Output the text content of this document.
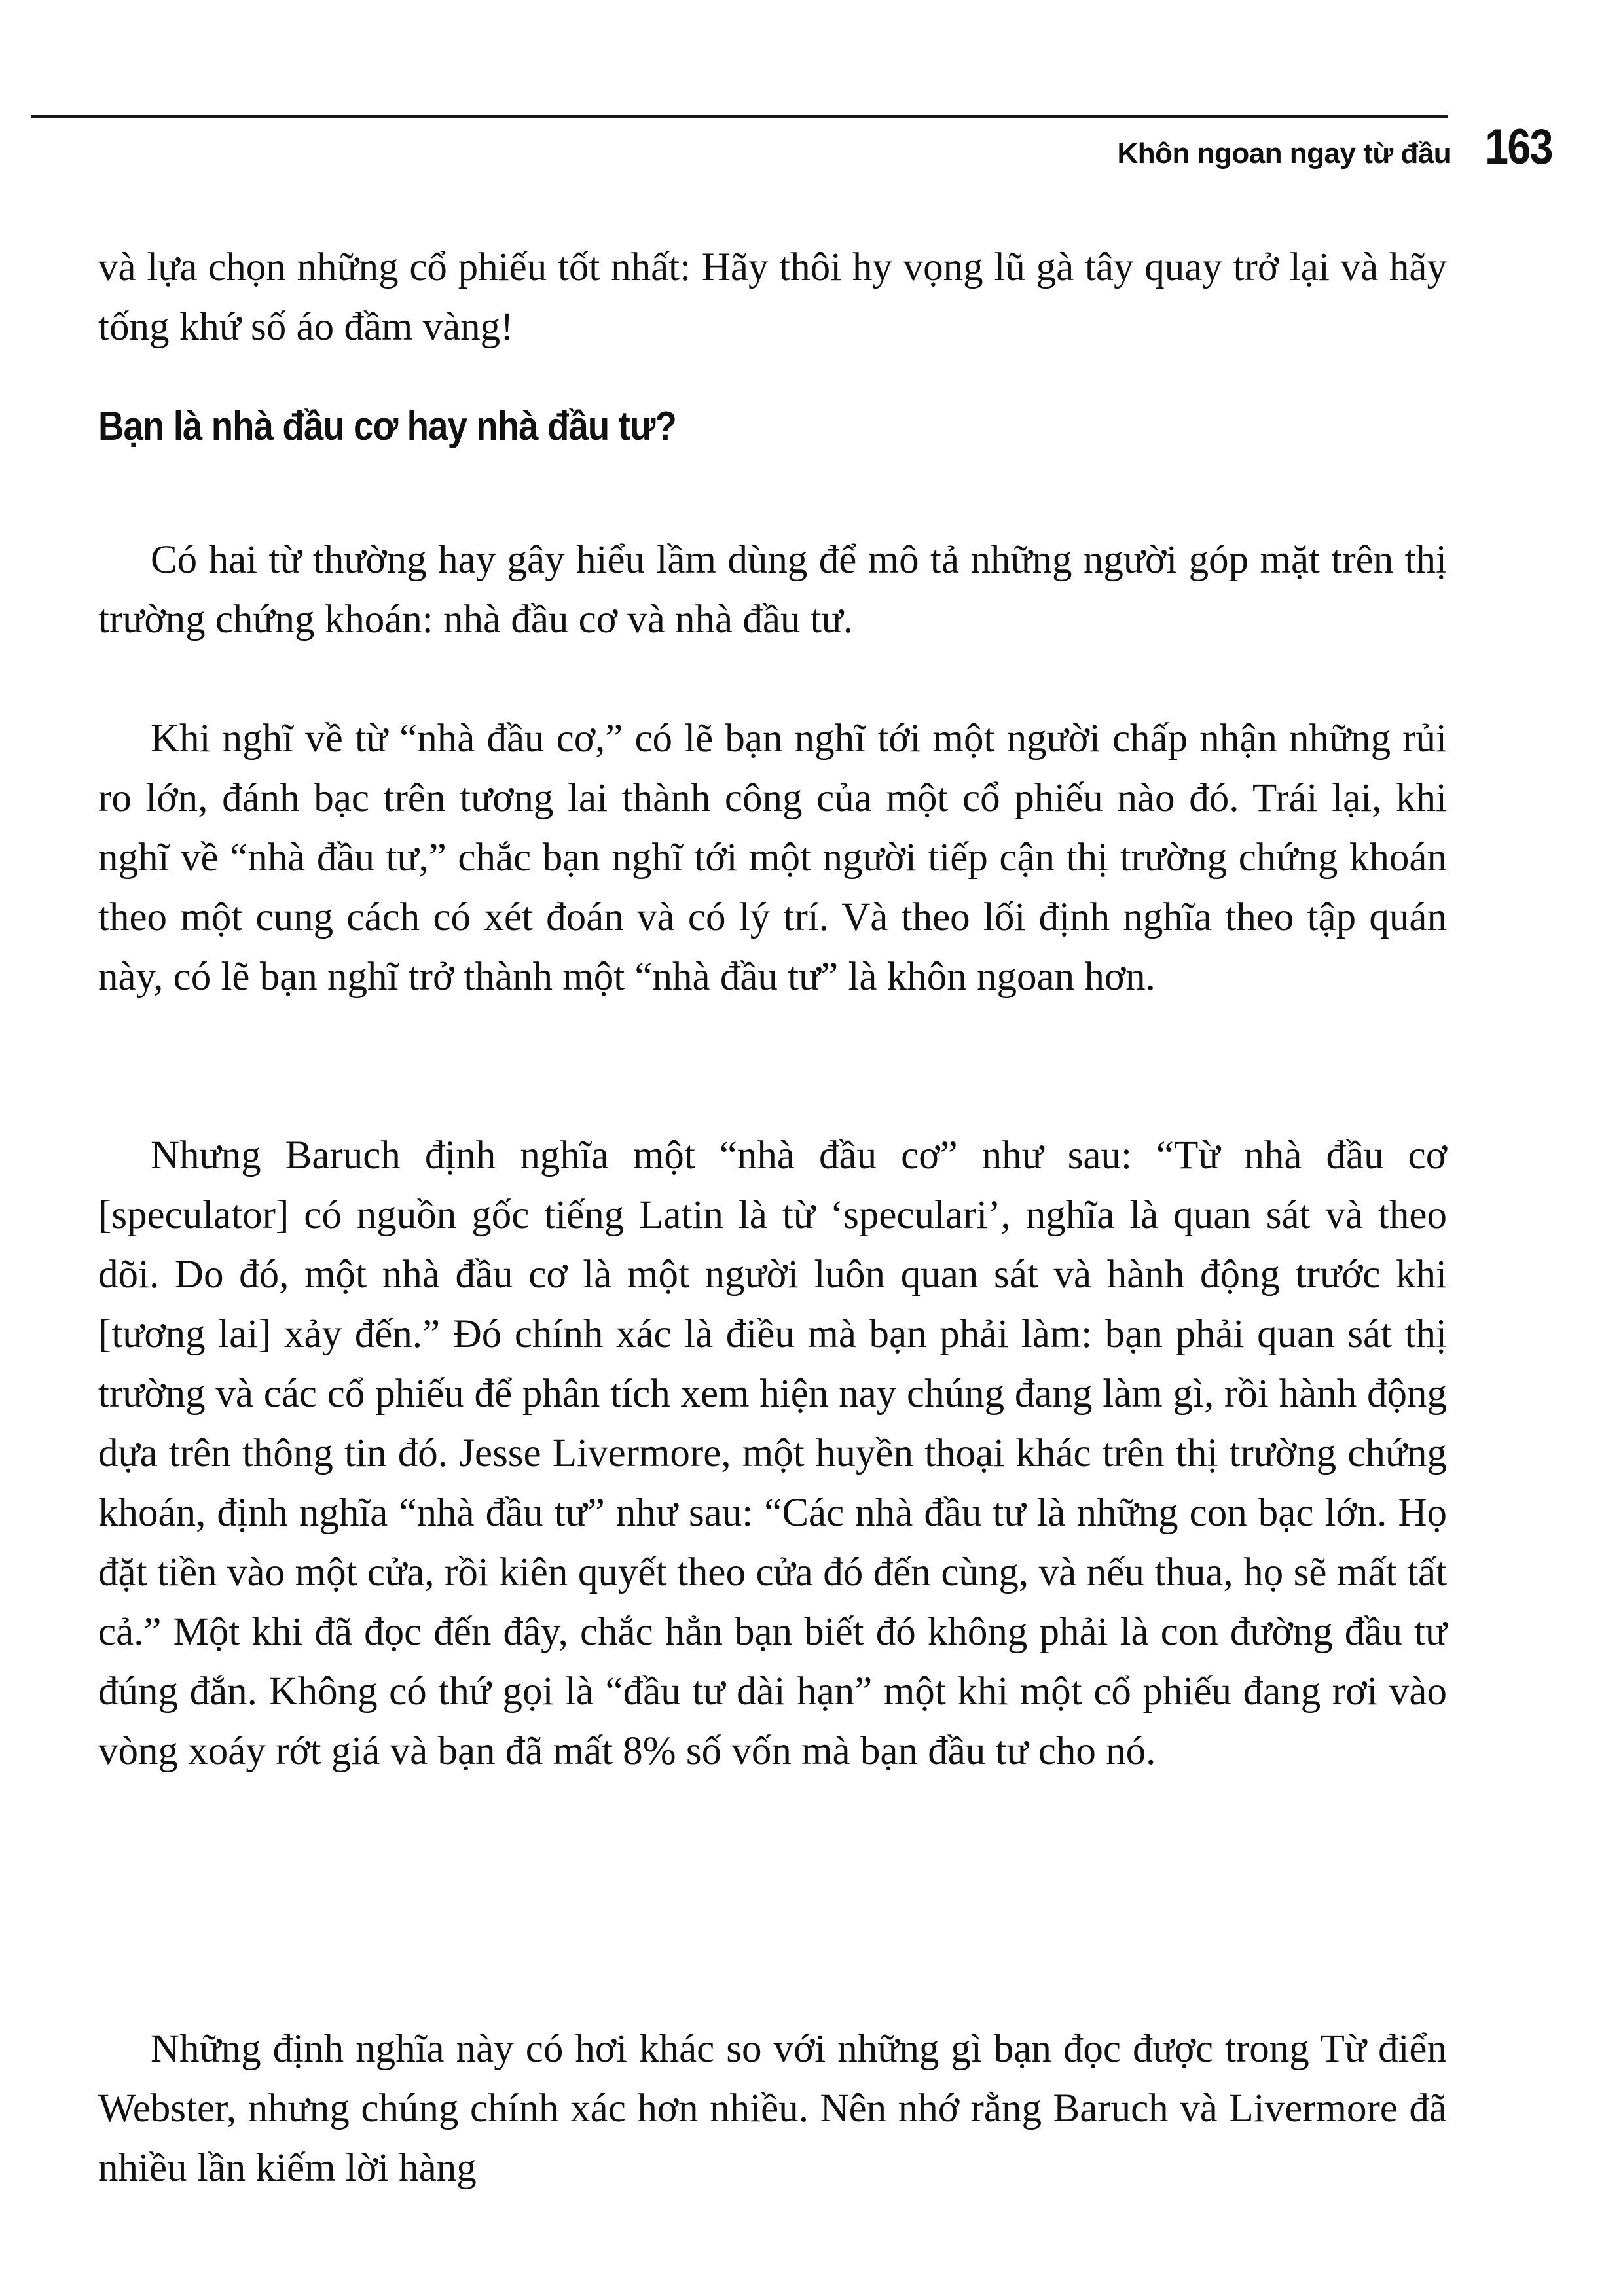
Khôn ngoan ngay từ đầu 163

và lựa chọn những cổ phiếu tốt nhất: Hãy thôi hy vọng lũ gà tây quay trở lại và hãy tống khứ số áo đầm vàng!

Bạn là nhà đầu cơ hay nhà đầu tư?

Có hai từ thường hay gây hiểu lầm dùng để mô tả những người góp mặt trên thị trường chứng khoán: nhà đầu cơ và nhà đầu tư.

Khi nghĩ về từ “nhà đầu cơ,” có lẽ bạn nghĩ tới một người chấp nhận những rủi ro lớn, đánh bạc trên tương lai thành công của một cổ phiếu nào đó. Trái lại, khi nghĩ về “nhà đầu tư,” chắc bạn nghĩ tới một người tiếp cận thị trường chứng khoán theo một cung cách có xét đoán và có lý trí. Và theo lối định nghĩa theo tập quán này, có lẽ bạn nghĩ trở thành một “nhà đầu tư” là khôn ngoan hơn.

Nhưng Baruch định nghĩa một “nhà đầu cơ” như sau: “Từ nhà đầu cơ [speculator] có nguồn gốc tiếng Latin là từ ‘speculari’, nghĩa là quan sát và theo dõi. Do đó, một nhà đầu cơ là một người luôn quan sát và hành động trước khi [tương lai] xảy đến.” Đó chính xác là điều mà bạn phải làm: bạn phải quan sát thị trường và các cổ phiếu để phân tích xem hiện nay chúng đang làm gì, rồi hành động dựa trên thông tin đó. Jesse Livermore, một huyền thoại khác trên thị trường chứng khoán, định nghĩa “nhà đầu tư” như sau: “Các nhà đầu tư là những con bạc lớn. Họ đặt tiền vào một cửa, rồi kiên quyết theo cửa đó đến cùng, và nếu thua, họ sẽ mất tất cả.” Một khi đã đọc đến đây, chắc hẳn bạn biết đó không phải là con đường đầu tư đúng đắn. Không có thứ gọi là “đầu tư dài hạn” một khi một cổ phiếu đang rơi vào vòng xoáy rớt giá và bạn đã mất 8% số vốn mà bạn đầu tư cho nó.

Những định nghĩa này có hơi khác so với những gì bạn đọc được trong Từ điển Webster, nhưng chúng chính xác hơn nhiều. Nên nhớ rằng Baruch và Livermore đã nhiều lần kiếm lời hàng
